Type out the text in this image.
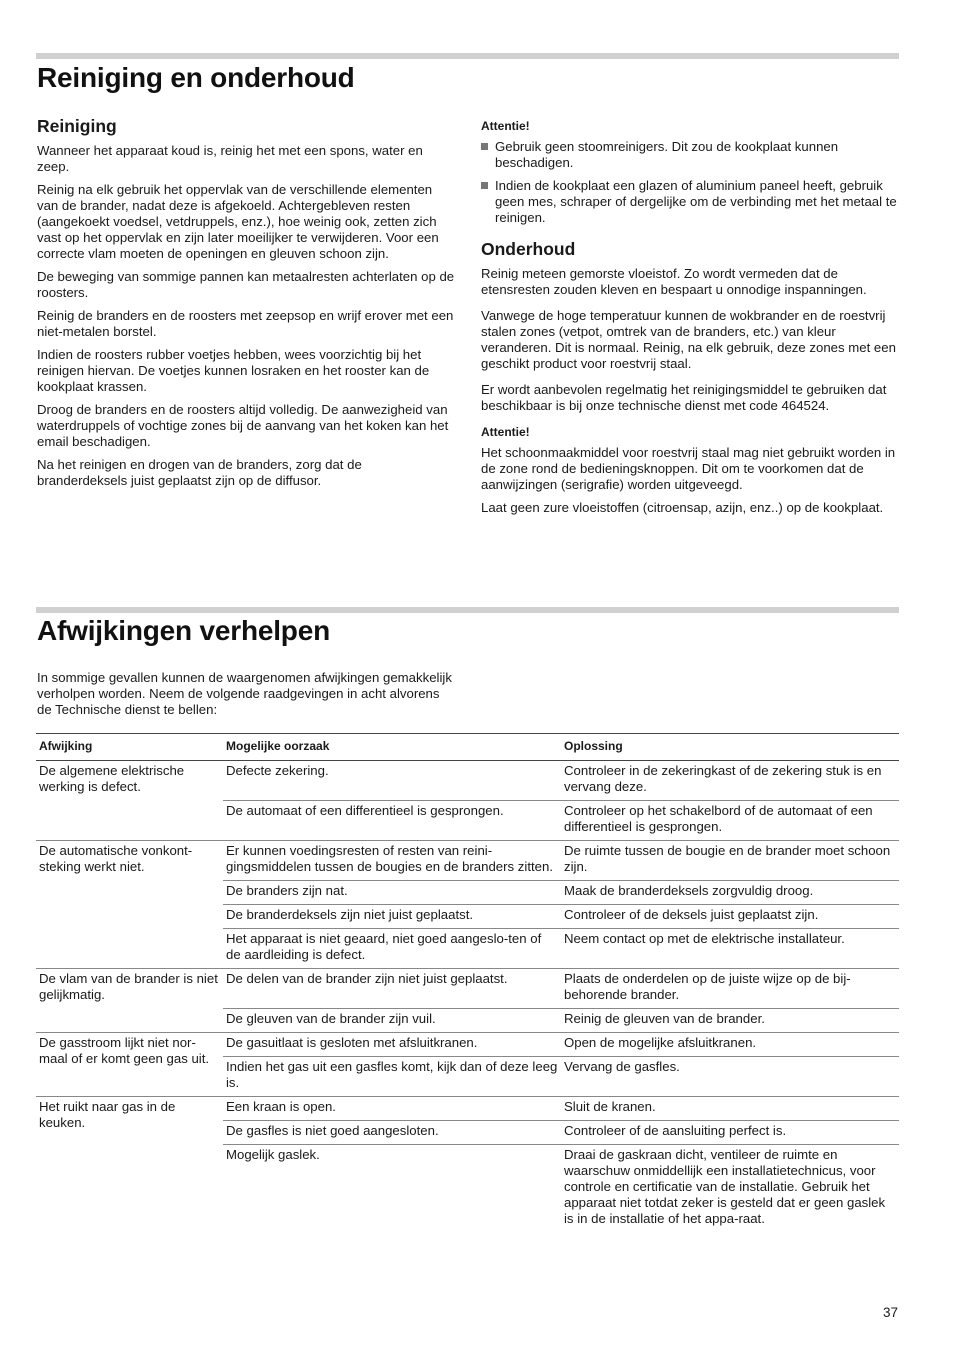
Reiniging en onderhoud
Reiniging

Wanneer het apparaat koud is, reinig het met een spons, water en zeep.

Reinig na elk gebruik het oppervlak van de verschillende elementen van de brander, nadat deze is afgekoeld. Achtergebleven resten (aangekoekt voedsel, vetdruppels, enz.), hoe weinig ook, zetten zich vast op het oppervlak en zijn later moeilijker te verwijderen. Voor een correcte vlam moeten de openingen en gleuven schoon zijn.

De beweging van sommige pannen kan metaalresten achterlaten op de roosters.

Reinig de branders en de roosters met zeepsop en wrijf erover met een niet-metalen borstel.

Indien de roosters rubber voetjes hebben, wees voorzichtig bij het reinigen hiervan. De voetjes kunnen losraken en het rooster kan de kookplaat krassen.

Droog de branders en de roosters altijd volledig. De aanwezigheid van waterdruppels of vochtige zones bij de aanvang van het koken kan het email beschadigen.

Na het reinigen en drogen van de branders, zorg dat de branderdeksels juist geplaatst zijn op de diffusor.

Attentie!
Gebruik geen stoomreinigers. Dit zou de kookplaat kunnen beschadigen.
Indien de kookplaat een glazen of aluminium paneel heeft, gebruik geen mes, schraper of dergelijke om de verbinding met het metaal te reinigen.
Onderhoud

Reinig meteen gemorste vloeistof. Zo wordt vermeden dat de etensresten zouden kleven en bespaart u onnodige inspanningen.

Vanwege de hoge temperatuur kunnen de wokbrander en de roestvrij stalen zones (vetpot, omtrek van de branders, etc.) van kleur veranderen. Dit is normaal. Reinig, na elk gebruik, deze zones met een geschikt product voor roestvrij staal.

Er wordt aanbevolen regelmatig het reinigingsmiddel te gebruiken dat beschikbaar is bij onze technische dienst met code 464524.

Attentie!

Het schoonmaakmiddel voor roestvrij staal mag niet gebruikt worden in de zone rond de bedieningsknoppen. Dit om te voorkomen dat de aanwijzingen (serigrafie) worden uitgeveegd.

Laat geen zure vloeistoffen (citroensap, azijn, enz..) op de kookplaat.

Afwijkingen verhelpen

In sommige gevallen kunnen de waargenomen afwijkingen gemakkelijk verholpen worden. Neem de volgende raadgevingen in acht alvorens de Technische dienst te bellen:

Afwijking	Mogelijke oorzaak	Oplossing
De algemene elektrische werking is defect.	Defecte zekering.	Controleer in de zekeringkast of de zekering stuk is en vervang deze.
	De automaat of een differentieel is gesprongen.	Controleer op het schakelbord of de automaat of een differentieel is gesprongen.
De automatische vonkont-steking werkt niet.	Er kunnen voedingsresten of resten van reini-gingsmiddelen tussen de bougies en de branders zitten.	De ruimte tussen de bougie en de brander moet schoon zijn.
	De branders zijn nat.	Maak de branderdeksels zorgvuldig droog.
	De branderdeksels zijn niet juist geplaatst.	Controleer of de deksels juist geplaatst zijn.
	Het apparaat is niet geaard, niet goed aangeslo-ten of de aardleiding is defect.	Neem contact op met de elektrische installateur.
De vlam van de brander is niet gelijkmatig.	De delen van de brander zijn niet juist geplaatst.	Plaats de onderdelen op de juiste wijze op de bij-behorende brander.
	De gleuven van de brander zijn vuil.	Reinig de gleuven van de brander.
De gasstroom lijkt niet nor-maal of er komt geen gas uit.	De gasuitlaat is gesloten met afsluitkranen.	Open de mogelijke afsluitkranen.
	Indien het gas uit een gasfles komt, kijk dan of deze leeg is.	Vervang de gasfles.
Het ruikt naar gas in de keuken.	Een kraan is open.	Sluit de kranen.
	De gasfles is niet goed aangesloten.	Controleer of de aansluiting perfect is.
	Mogelijk gaslek.	Draai de gaskraan dicht, ventileer de ruimte en waarschuw onmiddellijk een installatietechnicus, voor controle en certificatie van de installatie. Gebruik het apparaat niet totdat zeker is gesteld dat er geen gaslek is in de installatie of het appa-raat.
37
